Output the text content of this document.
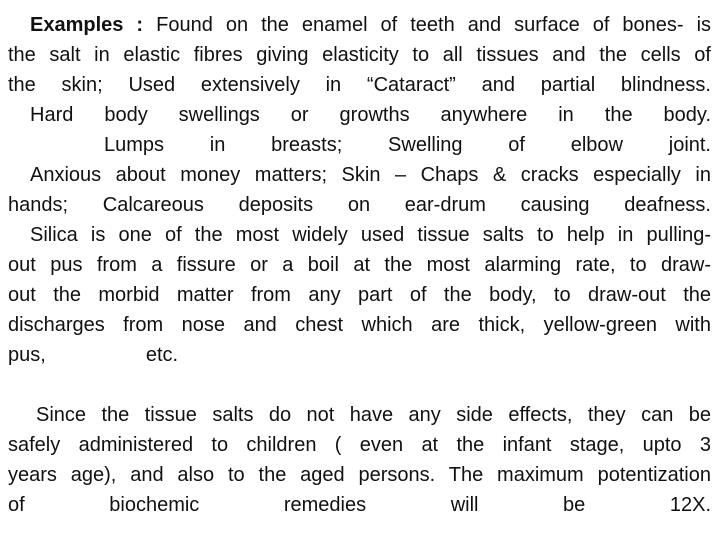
Examples : Found on the enamel of teeth and surface of bones- is
the salt in elastic fibres giving elasticity to all tissues and the cells of
the skin; Used extensively in “Cataract” and partial blindness.
Hard body swellings or growths anywhere in the body.
Lumps in breasts; Swelling of elbow joint.
Anxious about money matters; Skin – Chaps & cracks especially in
hands; Calcareous deposits on ear-drum causing deafness.
Silica is one of the most widely used tissue salts to help in pulling-
out pus from a fissure or a boil at the most alarming rate, to draw-
out the morbid matter from any part of the body, to draw-out the
discharges from nose and chest which are thick, yellow-green with
pus,                  etc.
Since the tissue salts do not have any side effects, they can be
safely administered to children ( even at the infant stage, upto 3
years age), and also to the aged persons. The maximum potentization
of biochemic remedies will be 12X.
